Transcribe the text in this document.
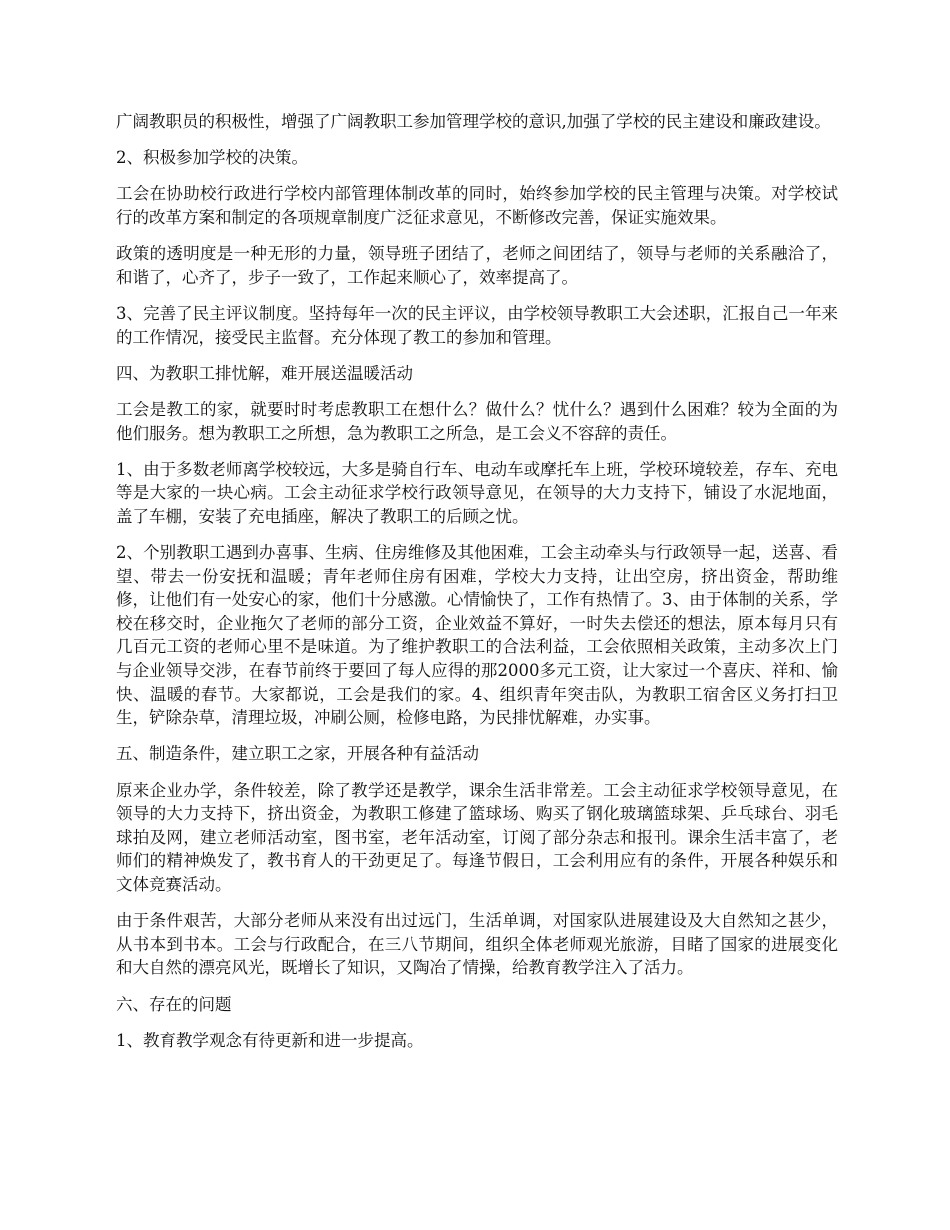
广阔教职员的积极性，增强了广阔教职工参加管理学校的意识,加强了学校的民主建设和廉政建设。

2、积极参加学校的决策。

工会在协助校行政进行学校内部管理体制改革的同时，始终参加学校的民主管理与决策。对学校试行的改革方案和制定的各项规章制度广泛征求意见，不断修改完善，保证实施效果。

政策的透明度是一种无形的力量，领导班子团结了，老师之间团结了，领导与老师的关系融洽了，和谐了，心齐了，步子一致了，工作起来顺心了，效率提高了。

3、完善了民主评议制度。坚持每年一次的民主评议，由学校领导教职工大会述职，汇报自己一年来的工作情况，接受民主监督。充分体现了教工的参加和管理。

四、为教职工排忧解，难开展送温暖活动

工会是教工的家，就要时时考虑教职工在想什么？做什么？忧什么？遇到什么困难？较为全面的为他们服务。想为教职工之所想，急为教职工之所急，是工会义不容辞的责任。

1、由于多数老师离学校较远，大多是骑自行车、电动车或摩托车上班，学校环境较差，存车、充电等是大家的一块心病。工会主动征求学校行政领导意见，在领导的大力支持下，铺设了水泥地面，盖了车棚，安装了充电插座，解决了教职工的后顾之忧。

2、个别教职工遇到办喜事、生病、住房维修及其他困难，工会主动牵头与行政领导一起，送喜、看望、带去一份安抚和温暖；青年老师住房有困难，学校大力支持，让出空房，挤出资金，帮助维修，让他们有一处安心的家，他们十分感激。心情愉快了，工作有热情了。3、由于体制的关系，学校在移交时，企业拖欠了老师的部分工资，企业效益不算好，一时失去偿还的想法，原本每月只有几百元工资的老师心里不是味道。为了维护教职工的合法利益，工会依照相关政策，主动多次上门与企业领导交涉，在春节前终于要回了每人应得的那2000多元工资，让大家过一个喜庆、祥和、愉快、温暖的春节。大家都说，工会是我们的家。4、组织青年突击队，为教职工宿舍区义务打扫卫生，铲除杂草，清理垃圾，冲刷公厕，检修电路，为民排忧解难，办实事。

五、制造条件，建立职工之家，开展各种有益活动

原来企业办学，条件较差，除了教学还是教学，课余生活非常差。工会主动征求学校领导意见，在领导的大力支持下，挤出资金，为教职工修建了篮球场、购买了钢化玻璃篮球架、乒乓球台、羽毛球拍及网，建立老师活动室，图书室，老年活动室，订阅了部分杂志和报刊。课余生活丰富了，老师们的精神焕发了，教书育人的干劲更足了。每逢节假日，工会利用应有的条件，开展各种娱乐和文体竞赛活动。

由于条件艰苦，大部分老师从来没有出过远门，生活单调，对国家队进展建设及大自然知之甚少，从书本到书本。工会与行政配合，在三八节期间，组织全体老师观光旅游，目睹了国家的进展变化和大自然的漂亮风光，既增长了知识，又陶冶了情操，给教育教学注入了活力。

六、存在的问题

1、教育教学观念有待更新和进一步提高。
